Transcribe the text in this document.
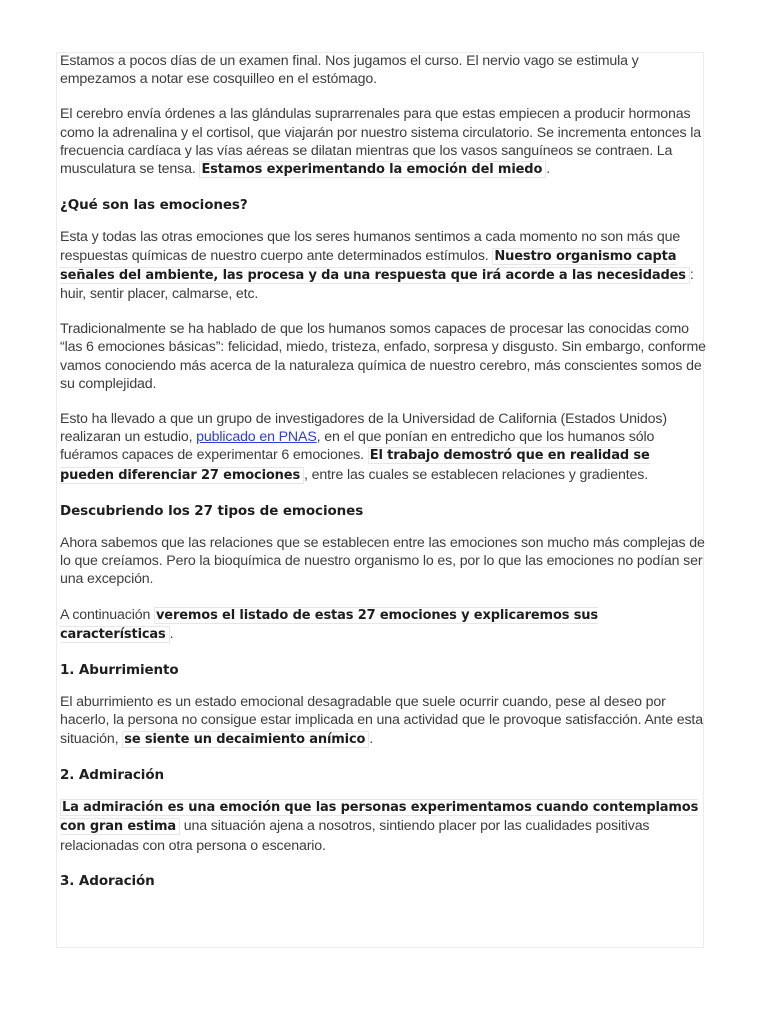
Estamos a pocos días de un examen final. Nos jugamos el curso. El nervio vago se estimula y empezamos a notar ese cosquilleo en el estómago.

El cerebro envía órdenes a las glándulas suprarrenales para que estas empiecen a producir hormonas como la adrenalina y el cortisol, que viajarán por nuestro sistema circulatorio. Se incrementa entonces la frecuencia cardíaca y las vías aéreas se dilatan mientras que los vasos sanguíneos se contraen. La musculatura se tensa. Estamos experimentando la emoción del miedo .

¿Qué son las emociones?

Esta y todas las otras emociones que los seres humanos sentimos a cada momento no son más que respuestas químicas de nuestro cuerpo ante determinados estímulos. Nuestro organismo capta señales del ambiente, las procesa y da una respuesta que irá acorde a las necesidades : huir, sentir placer, calmarse, etc.

Tradicionalmente se ha hablado de que los humanos somos capaces de procesar las conocidas como “las 6 emociones básicas”: felicidad, miedo, tristeza, enfado, sorpresa y disgusto. Sin embargo, conforme vamos conociendo más acerca de la naturaleza química de nuestro cerebro, más conscientes somos de su complejidad.

Esto ha llevado a que un grupo de investigadores de la Universidad de California (Estados Unidos) realizaran un estudio, publicado en PNAS, en el que ponían en entredicho que los humanos sólo fuéramos capaces de experimentar 6 emociones. El trabajo demostró que en realidad se pueden diferenciar 27 emociones , entre las cuales se establecen relaciones y gradientes.

Descubriendo los 27 tipos de emociones

Ahora sabemos que las relaciones que se establecen entre las emociones son mucho más complejas de lo que creíamos. Pero la bioquímica de nuestro organismo lo es, por lo que las emociones no podían ser una excepción.

A continuación veremos el listado de estas 27 emociones y explicaremos sus características .

1. Aburrimiento

El aburrimiento es un estado emocional desagradable que suele ocurrir cuando, pese al deseo por hacerlo, la persona no consigue estar implicada en una actividad que le provoque satisfacción. Ante esta situación, se siente un decaimiento anímico .

2. Admiración

La admiración es una emoción que las personas experimentamos cuando contemplamos con gran estima una situación ajena a nosotros, sintiendo placer por las cualidades positivas relacionadas con otra persona o escenario.

3. Adoración
